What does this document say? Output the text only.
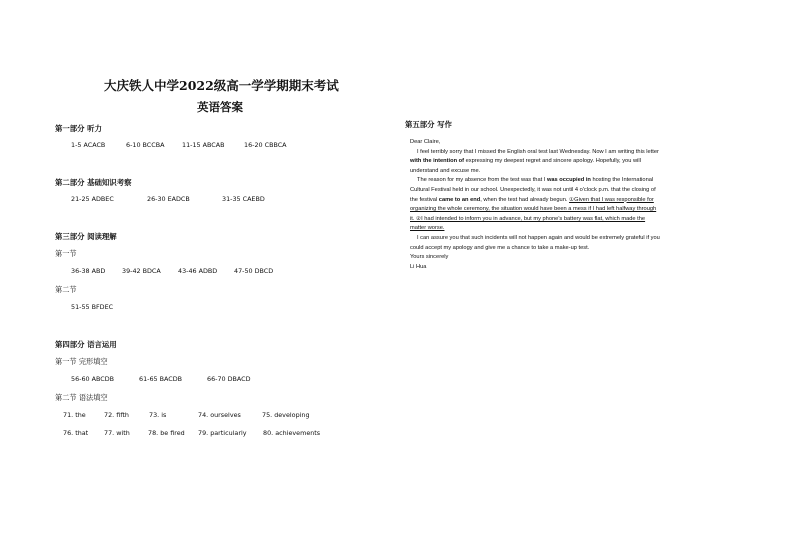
大庆铁人中学2022级高一学学期期末考试
英语答案
第一部分 听力
1-5 ACACB	6-10 BCCBA	11-15 ABCAB	16-20 CBBCA
第二部分 基础知识考察
21-25 ADBEC	26-30 EADCB	31-35 CAEBD
第三部分 阅读理解
第一节
36-38 ABD	39-42 BDCA	43-46 ADBD	47-50 DBCD
第二节
51-55 BFDEC
第四部分 语言运用
第一节 完形填空
56-60 ABCDB	61-65 BACDB	66-70 DBACD
第二节 语法填空
71. the	72. fifth	73. is	74. ourselves	75. developing
76. that 77. with	78. be fired 79. particularly	80. achievements
第五部分 写作
Dear Claire,
I feel terribly sorry that I missed the English oral test last Wednesday. Now I am writing this letter
with the intention of expressing my deepest regret and sincere apology. Hopefully, you will
understand and excuse me.
The reason for my absence from the test was that I was occupied in hosting the International
Cultural Festival held in our school. Unexpectedly, it was not until 4 o'clock p.m. that the closing of
the festival came to an end, when the test had already begun. ①Given that I was responsible for
organizing the whole ceremony, the situation would have been a mess if I had left halfway through
it. ②I had intended to inform you in advance, but my phone's battery was flat, which made the
matter worse.
I can assure you that such incidents will not happen again and would be extremely grateful if you
could accept my apology and give me a chance to take a make-up test.
Yours sincerely
Li Hua
